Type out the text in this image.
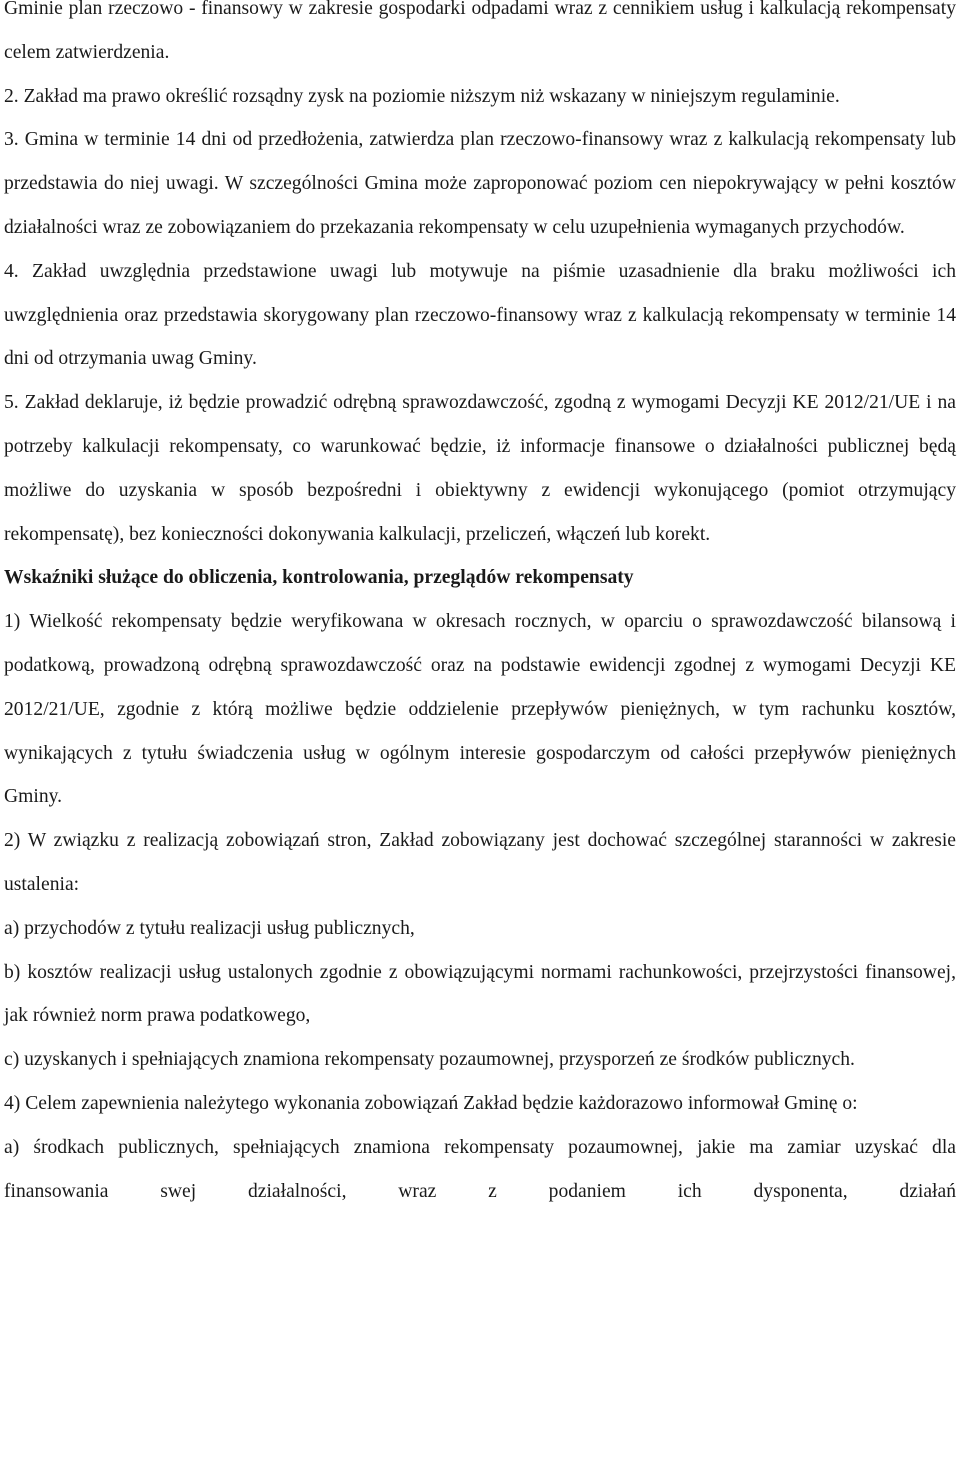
Gminie plan rzeczowo - finansowy w zakresie gospodarki odpadami wraz z cennikiem usług i kalkulacją rekompensaty celem zatwierdzenia.

2. Zakład ma prawo określić rozsądny zysk na poziomie niższym niż wskazany w niniejszym regulaminie.

3. Gmina w terminie 14 dni od przedłożenia, zatwierdza plan rzeczowo-finansowy wraz z kalkulacją rekompensaty lub przedstawia do niej uwagi. W szczególności Gmina może zaproponować poziom cen niepokrywający w pełni kosztów działalności wraz ze zobowiązaniem do przekazania rekompensaty w celu uzupełnienia wymaganych przychodów.

4. Zakład uwzględnia przedstawione uwagi lub motywuje na piśmie uzasadnienie dla braku możliwości ich uwzględnienia oraz przedstawia skorygowany plan rzeczowo-finansowy wraz z kalkulacją rekompensaty w terminie 14 dni od otrzymania uwag Gminy.

5. Zakład deklaruje, iż będzie prowadzić odrębną sprawozdawczość, zgodną z wymogami Decyzji KE 2012/21/UE i na potrzeby kalkulacji rekompensaty, co warunkować będzie, iż informacje finansowe o działalności publicznej będą możliwe do uzyskania w sposób bezpośredni i obiektywny z ewidencji wykonującego (pomiot otrzymujący rekompensatę), bez konieczności dokonywania kalkulacji, przeliczeń, włączeń lub korekt.

Wskaźniki służące do obliczenia, kontrolowania, przeglądów rekompensaty

1) Wielkość rekompensaty będzie weryfikowana w okresach rocznych, w oparciu o sprawozdawczość bilansową i podatkową, prowadzoną odrębną sprawozdawczość oraz na podstawie ewidencji zgodnej z wymogami Decyzji KE 2012/21/UE, zgodnie z którą możliwe będzie oddzielenie przepływów pieniężnych, w tym rachunku kosztów, wynikających z tytułu świadczenia usług w ogólnym interesie gospodarczym od całości przepływów pieniężnych Gminy.

2) W związku z realizacją zobowiązań stron, Zakład zobowiązany jest dochować szczególnej staranności w zakresie ustalenia:

a) przychodów z tytułu realizacji usług publicznych,

b) kosztów realizacji usług ustalonych zgodnie z obowiązującymi normami rachunkowości, przejrzystości finansowej, jak również norm prawa podatkowego,

c) uzyskanych i spełniających znamiona rekompensaty pozaumownej, przysporzeń ze środków publicznych.

4) Celem zapewnienia należytego wykonania zobowiązań Zakład będzie każdorazowo informował Gminę o:

a) środkach publicznych, spełniających znamiona rekompensaty pozaumownej, jakie ma zamiar uzyskać dla finansowania swej działalności, wraz z podaniem ich dysponenta, działań
